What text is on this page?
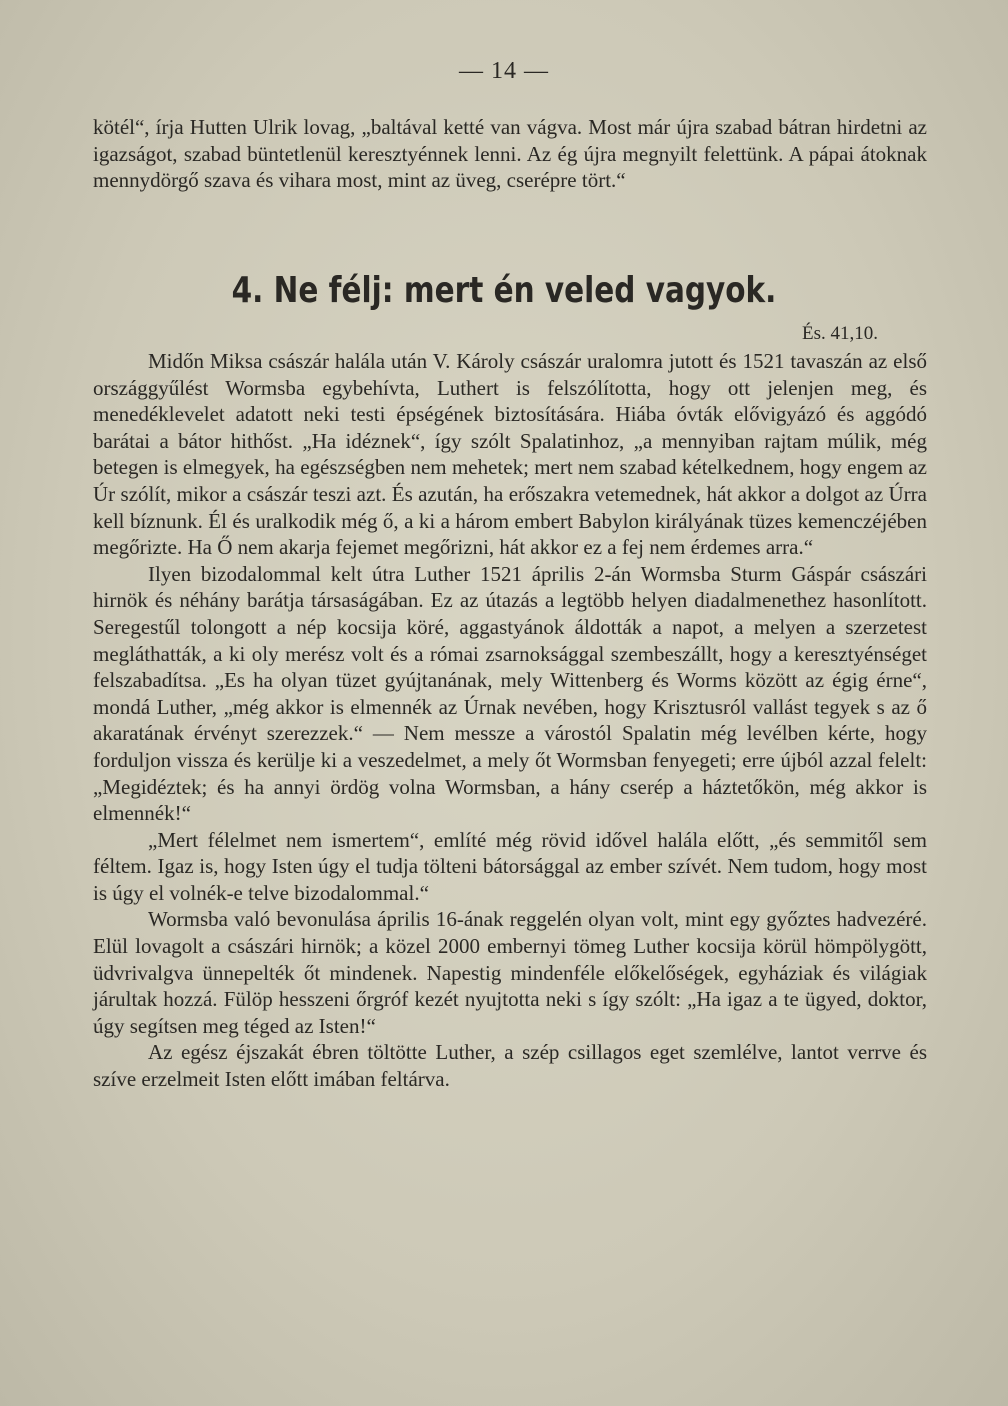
— 14 —

kötél“, írja Hutten Ulrik lovag, „baltával ketté van vágva. Most már újra szabad bátran hirdetni az igazságot, szabad büntetlenül keresztyénnek lenni. Az ég újra megnyilt felettünk. A pápai átoknak mennydörgő szava és vihara most, mint az üveg, cserépre tört.“

4. Ne félj: mert én veled vagyok.
És. 41,10.

Midőn Miksa császár halála után V. Károly császár uralomra jutott és 1521 tavaszán az első országgyűlést Wormsba egybehívta, Luthert is felszólította, hogy ott jelenjen meg, és menedéklevelet adatott neki testi épségének biztosítására. Hiába óvták elővigyázó és aggódó barátai a bátor hithőst. „Ha idéznek“, így szólt Spalatinhoz, „a mennyiban rajtam múlik, még betegen is elmegyek, ha egészségben nem mehetek; mert nem szabad kételkednem, hogy engem az Úr szólít, mikor a császár teszi azt. És azután, ha erőszakra vetemednek, hát akkor a dolgot az Úrra kell bíznunk. Él és uralkodik még ő, a ki a három embert Babylon királyának tüzes kemenczéjében megőrizte. Ha Ő nem akarja fejemet megőrizni, hát akkor ez a fej nem érdemes arra.“

Ilyen bizodalommal kelt útra Luther 1521 április 2-án Wormsba Sturm Gáspár császári hirnök és néhány barátja társaságában. Ez az útazás a legtöbb helyen diadalmenethez hasonlított. Seregestűl tolongott a nép kocsija köré, aggastyánok áldották a napot, a melyen a szerzetest megláthatták, a ki oly merész volt és a római zsarnoksággal szembeszállt, hogy a keresztyénséget felszabadítsa. „Es ha olyan tüzet gyújtanának, mely Wittenberg és Worms között az égig érne“, mondá Luther, „még akkor is elmennék az Úrnak nevében, hogy Krisztusról vallást tegyek s az ő akaratának érvényt szerezzek.“ — Nem messze a várostól Spalatin még levélben kérte, hogy forduljon vissza és kerülje ki a veszedelmet, a mely őt Wormsban fenyegeti; erre újból azzal felelt: „Megidéztek; és ha annyi ördög volna Wormsban, a hány cserép a háztetőkön, még akkor is elmennék!“

„Mert félelmet nem ismertem“, említé még rövid idővel halála előtt, „és semmitől sem féltem. Igaz is, hogy Isten úgy el tudja tölteni bátorsággal az ember szívét. Nem tudom, hogy most is úgy el volnék-e telve bizodalommal.“

Wormsba való bevonulása április 16-ának reggelén olyan volt, mint egy győztes hadvezéré. Elül lovagolt a császári hirnök; a közel 2000 embernyi tömeg Luther kocsija körül hömpölygött, üdvrivalgva ünnepelték őt mindenek. Napestig mindenféle előkelőségek, egyháziak és világiak járultak hozzá. Fülöp hesszeni őrgróf kezét nyujtotta neki s így szólt: „Ha igaz a te ügyed, doktor, úgy segítsen meg téged az Isten!“

Az egész éjszakát ébren töltötte Luther, a szép csillagos eget szemlélve, lantot verrve és szíve erzelmeit Isten előtt imában feltárva.
